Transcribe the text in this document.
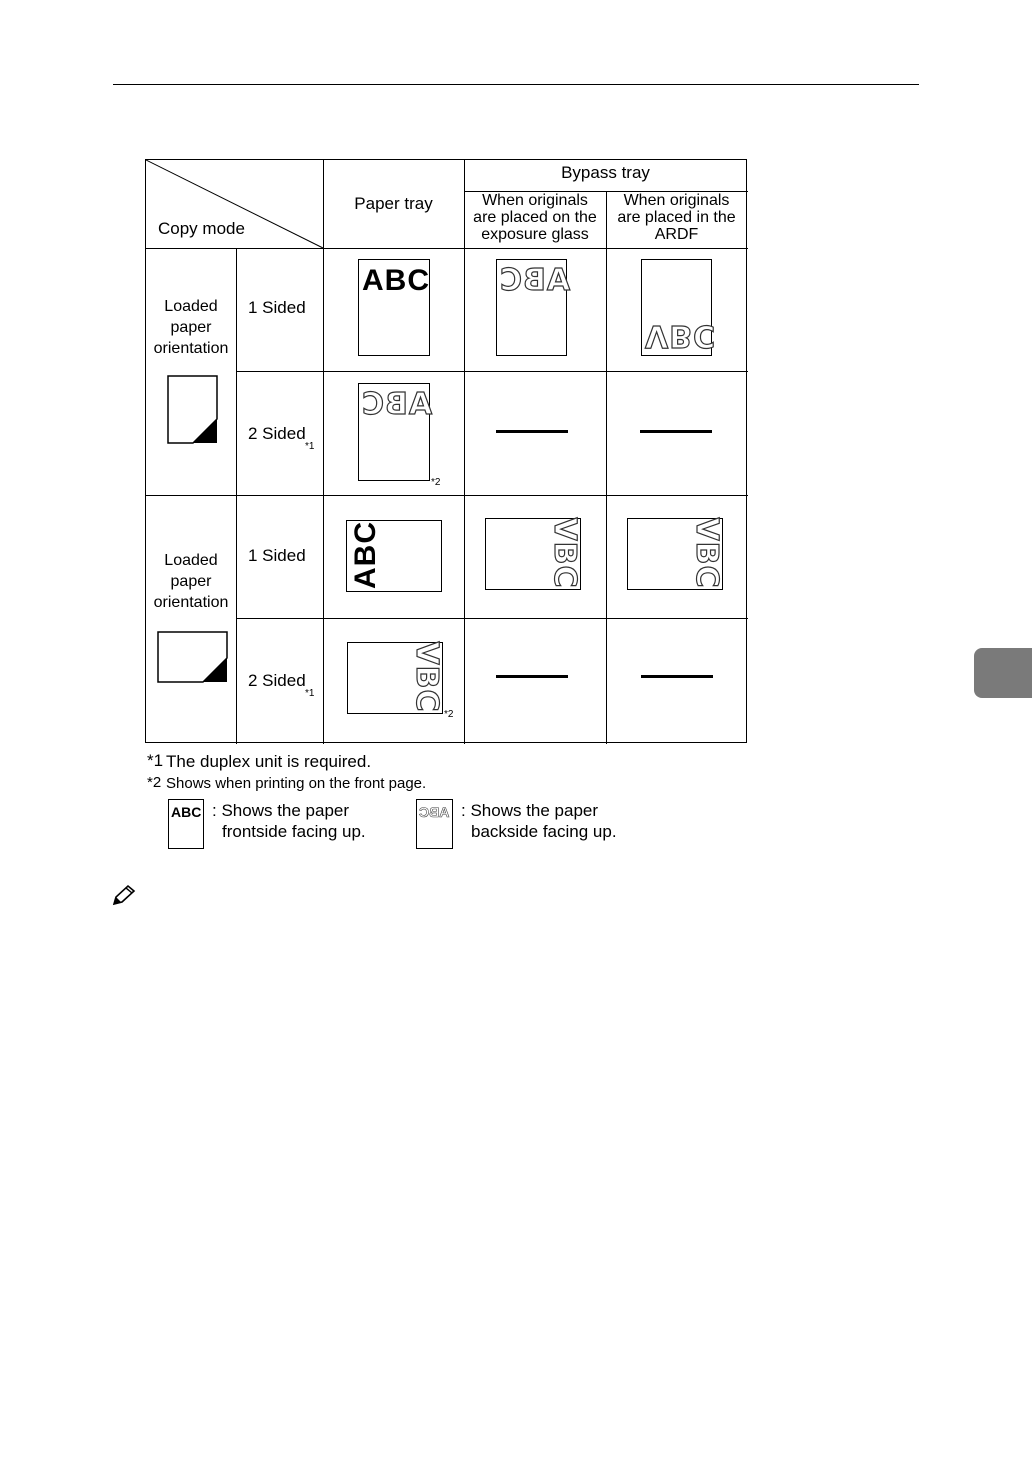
Copy mode
Paper tray
Bypass tray
When originals
are placed on the
exposure glass
When originals
are placed in the
ARDF
Loaded
paper
orientation
Loaded
paper
orientation
1 Sided
2 Sided
*1
1 Sided
2 Sided
*1
ABC ABC
VBC
ABC
*2
ABC	VBC	VBC
VBC
*2
*1 The duplex unit is required.
*2 Shows when printing on the front page.
ABC : Shows the paper
frontside facing up.
ABC : Shows the paper
backside facing up.
